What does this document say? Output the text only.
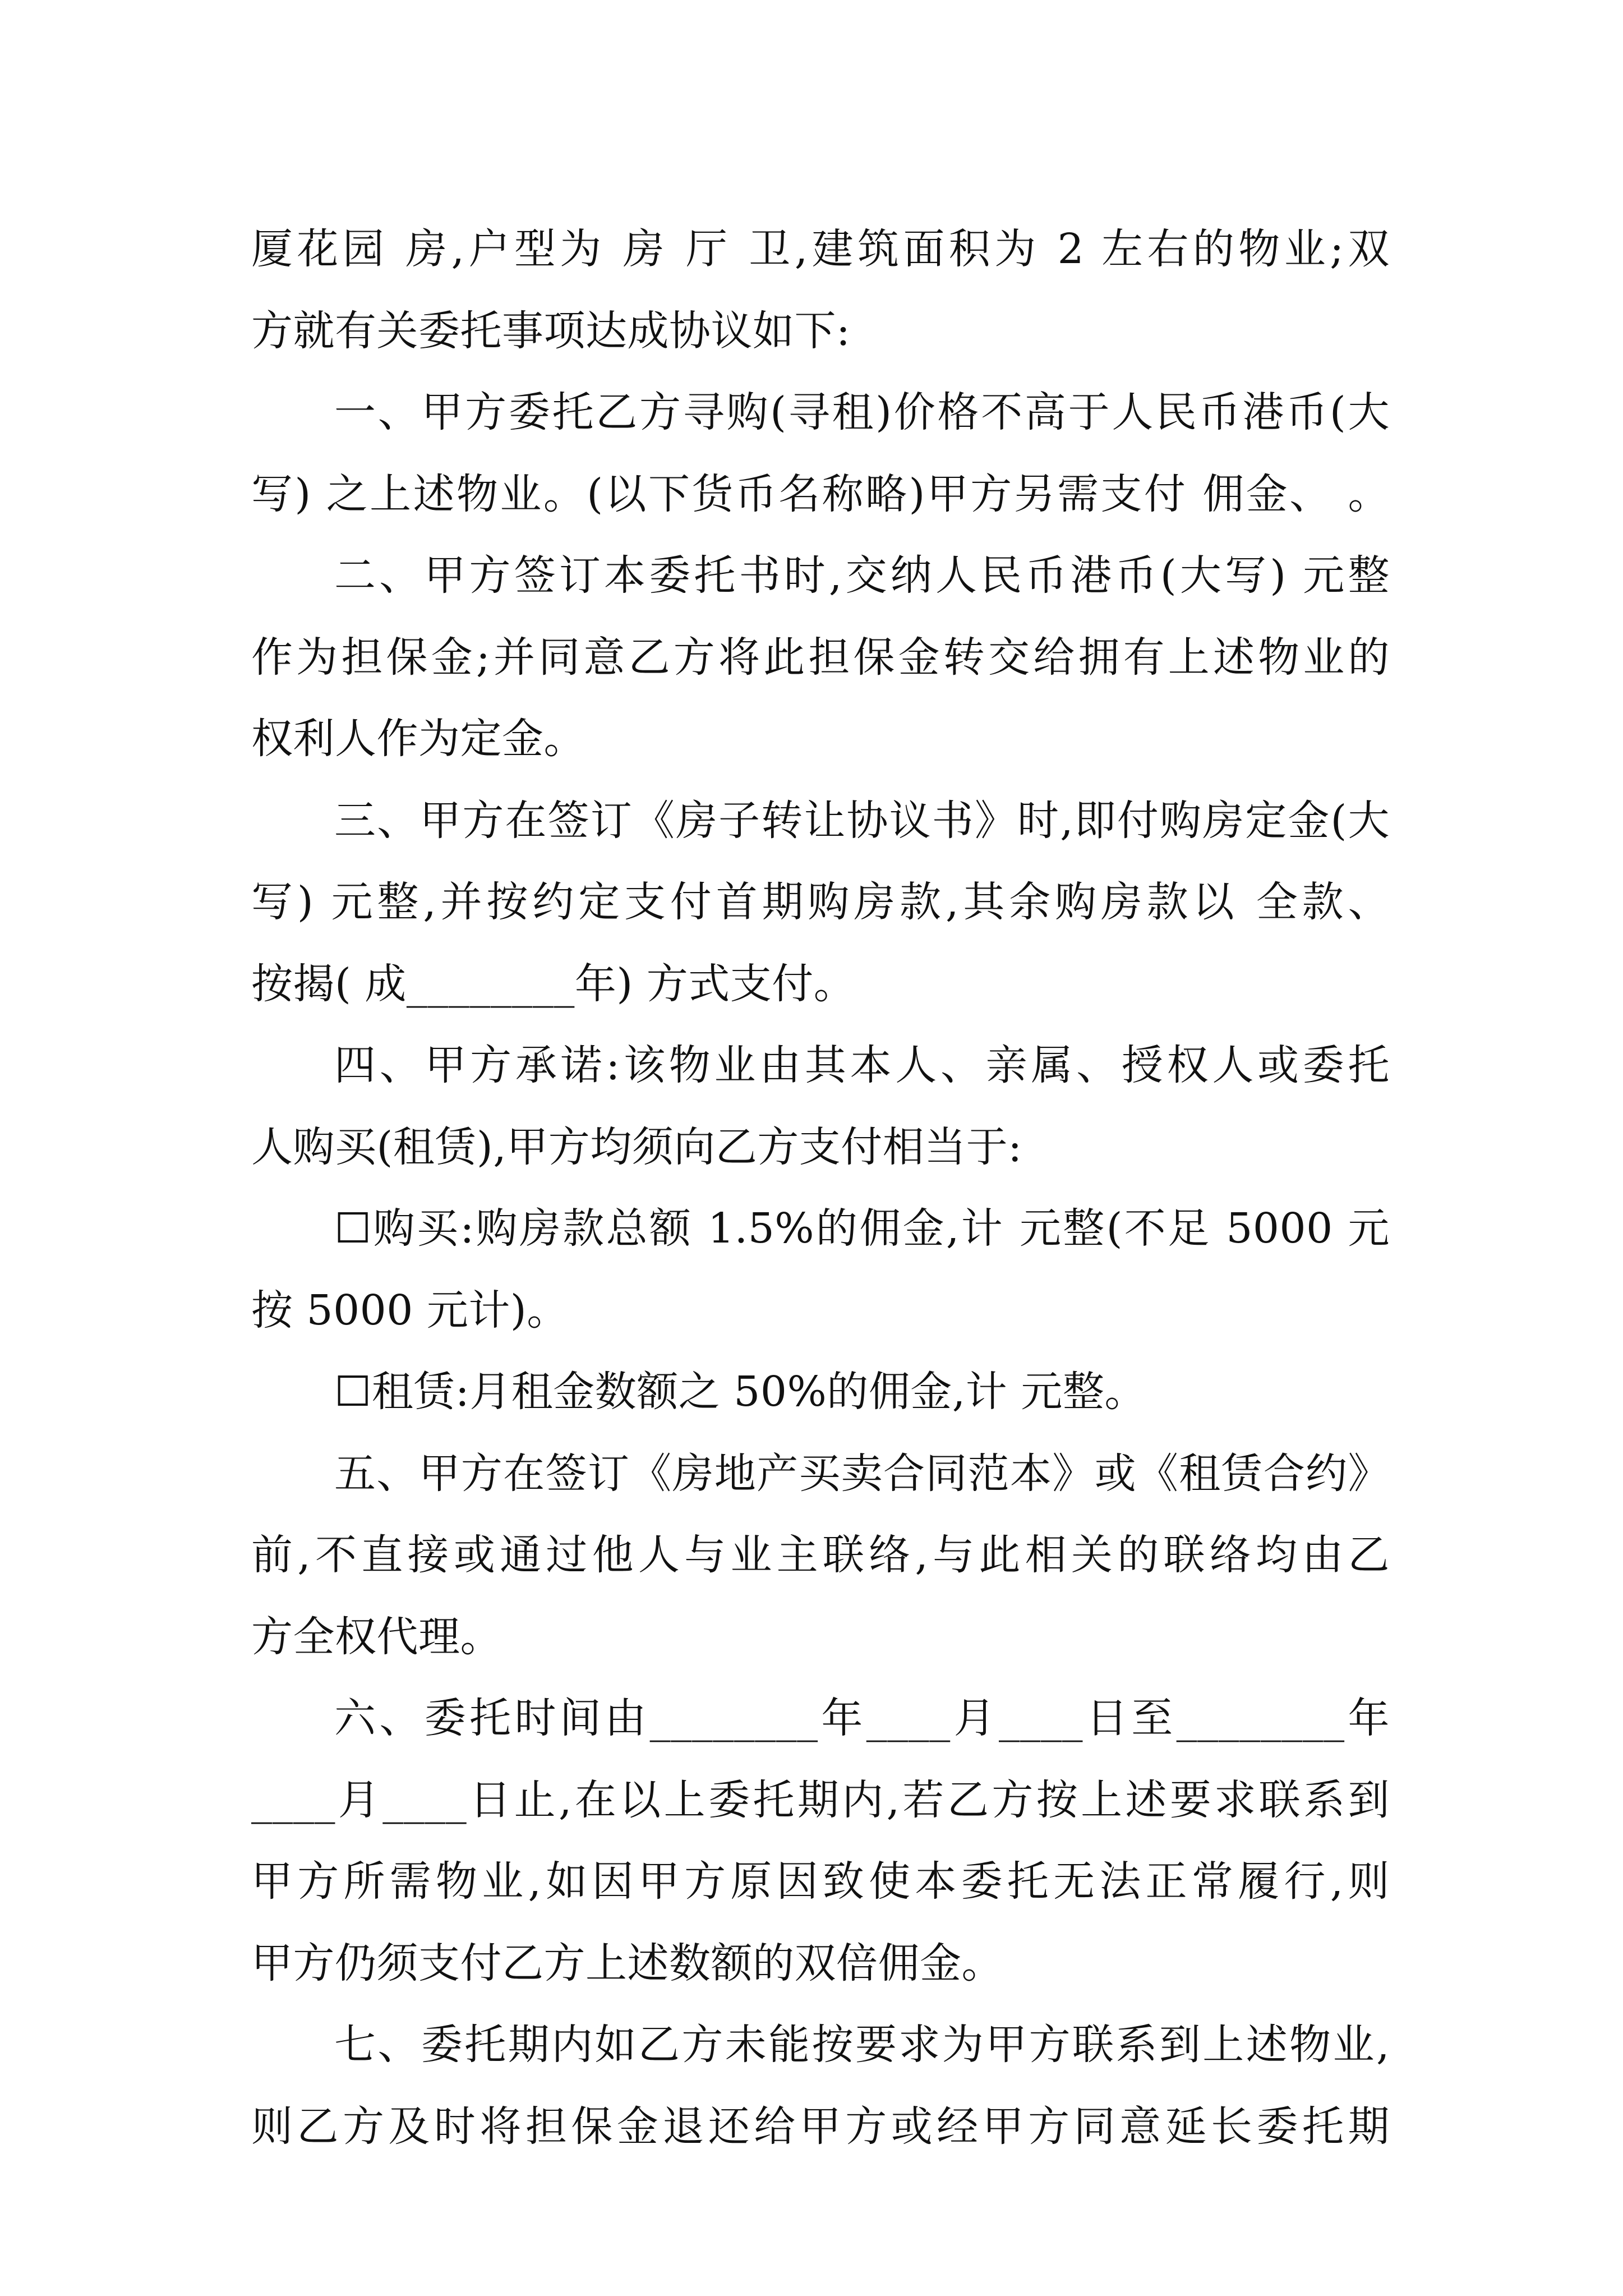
厦花园 房,户型为 房 厅 卫,建筑面积为 2 左右的物业;双
方就有关委托事项达成协议如下:
一、甲方委托乙方寻购(寻租)价格不高于人民币港币(大
写) 之上述物业。(以下货币名称略)甲方另需支付 佣金、 。
二、甲方签订本委托书时,交纳人民币港币(大写) 元整
作为担保金;并同意乙方将此担保金转交给拥有上述物业的
权利人作为定金。
三、甲方在签订《房子转让协议书》时,即付购房定金(大
写) 元整,并按约定支付首期购房款,其余购房款以 全款、
按揭( 成________年) 方式支付。
四、甲方承诺:该物业由其本人、亲属、授权人或委托
人购买(租赁),甲方均须向乙方支付相当于:
☐购买:购房款总额 1.5%的佣金,计 元整(不足 5000 元
按 5000 元计)。
☐租赁:月租金数额之 50%的佣金,计 元整。
五、甲方在签订《房地产买卖合同范本》或《租赁合约》
前,不直接或通过他人与业主联络,与此相关的联络均由乙
方全权代理。
六、委托时间由________年____月____日至________年
____月____日止,在以上委托期内,若乙方按上述要求联系到
甲方所需物业,如因甲方原因致使本委托无法正常履行,则
甲方仍须支付乙方上述数额的双倍佣金。
七、委托期内如乙方未能按要求为甲方联系到上述物业,
则乙方及时将担保金退还给甲方或经甲方同意延长委托期
